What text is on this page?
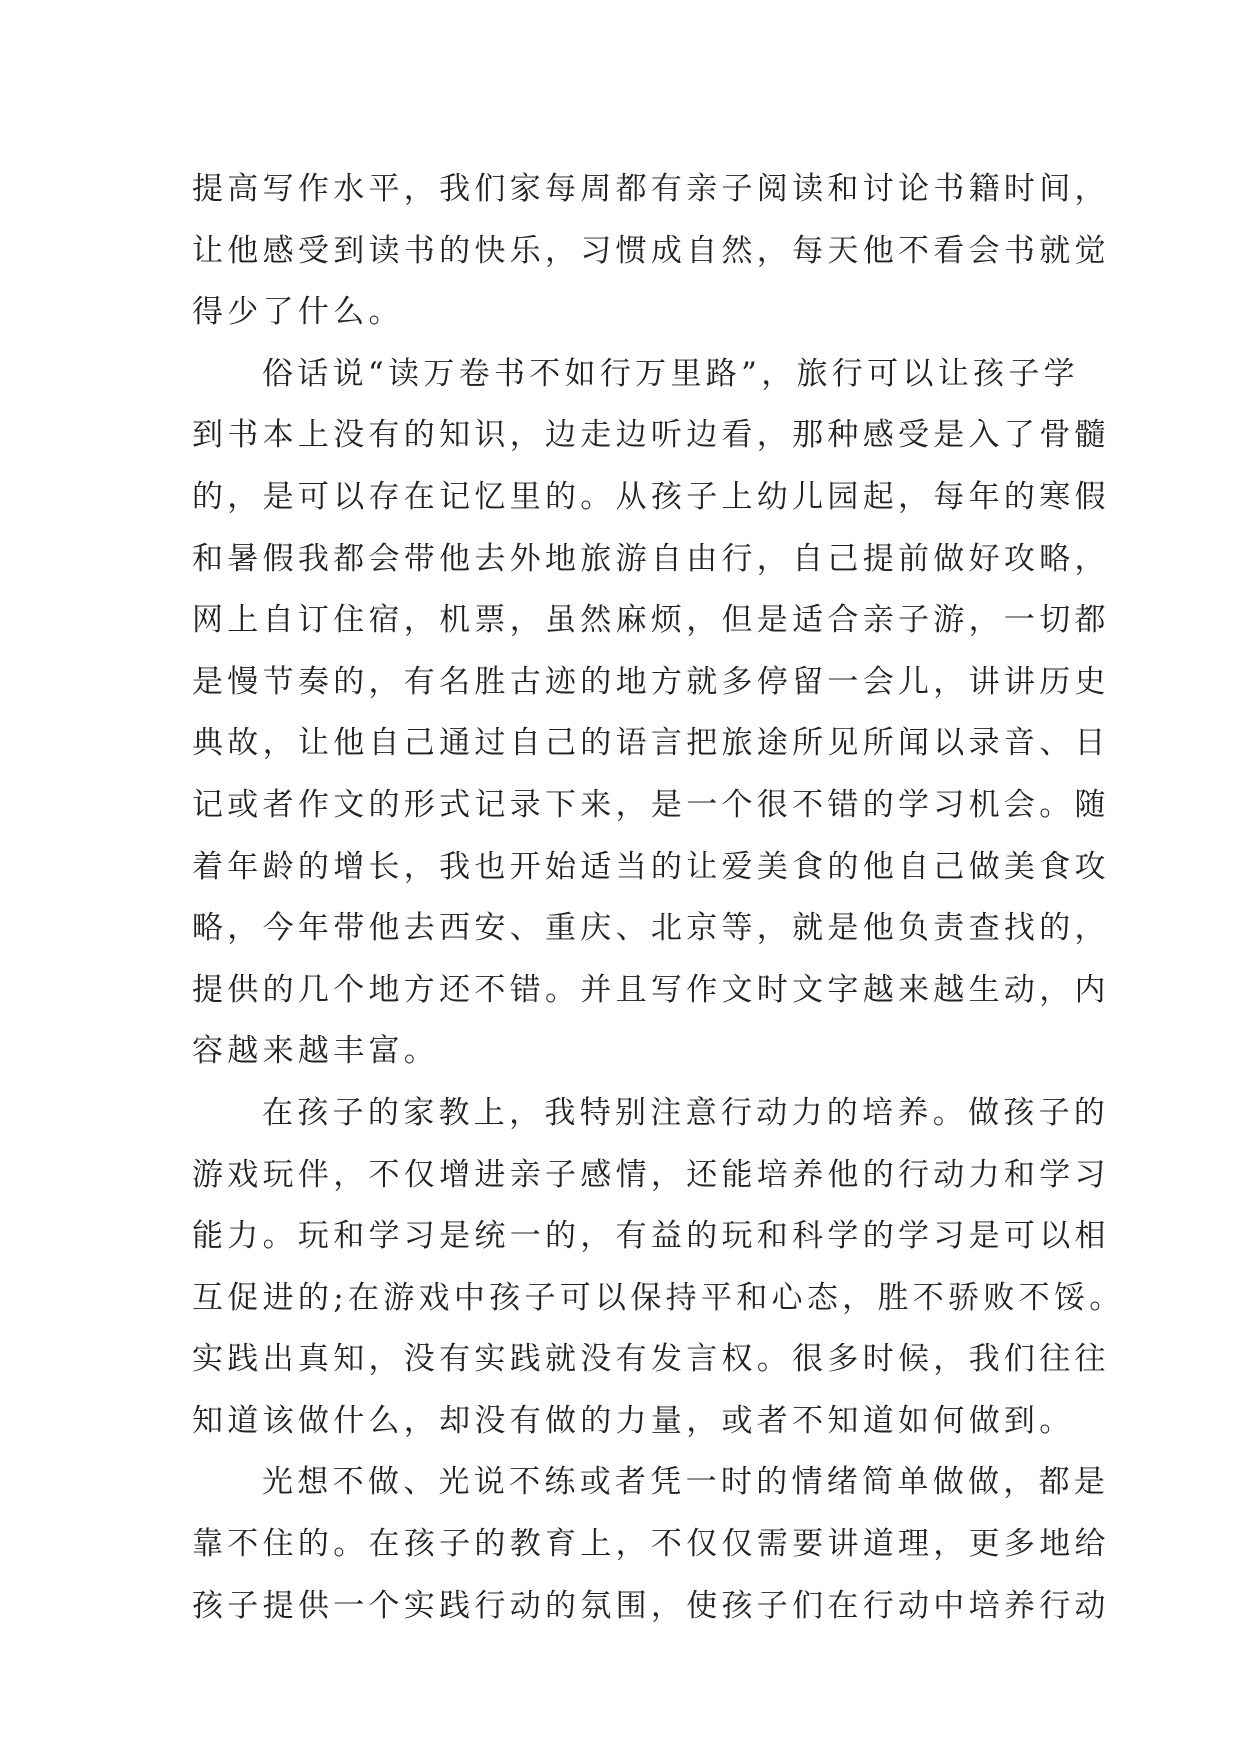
提高写作水平，我们家每周都有亲子阅读和讨论书籍时间，
让他感受到读书的快乐，习惯成自然，每天他不看会书就觉
得少了什么。
俗话说“读万卷书不如行万里路”，旅行可以让孩子学
到书本上没有的知识，边走边听边看，那种感受是入了骨髓
的，是可以存在记忆里的。从孩子上幼儿园起，每年的寒假
和暑假我都会带他去外地旅游自由行，自己提前做好攻略，
网上自订住宿，机票，虽然麻烦，但是适合亲子游，一切都
是慢节奏的，有名胜古迹的地方就多停留一会儿，讲讲历史
典故，让他自己通过自己的语言把旅途所见所闻以录音、日
记或者作文的形式记录下来，是一个很不错的学习机会。随
着年龄的增长，我也开始适当的让爱美食的他自己做美食攻
略，今年带他去西安、重庆、北京等，就是他负责查找的，
提供的几个地方还不错。并且写作文时文字越来越生动，内
容越来越丰富。
在孩子的家教上，我特别注意行动力的培养。做孩子的
游戏玩伴，不仅增进亲子感情，还能培养他的行动力和学习
能力。玩和学习是统一的，有益的玩和科学的学习是可以相
互促进的;在游戏中孩子可以保持平和心态，胜不骄败不馁。
实践出真知，没有实践就没有发言权。很多时候，我们往往
知道该做什么，却没有做的力量，或者不知道如何做到。
光想不做、光说不练或者凭一时的情绪简单做做，都是
靠不住的。在孩子的教育上，不仅仅需要讲道理，更多地给
孩子提供一个实践行动的氛围，使孩子们在行动中培养行动
